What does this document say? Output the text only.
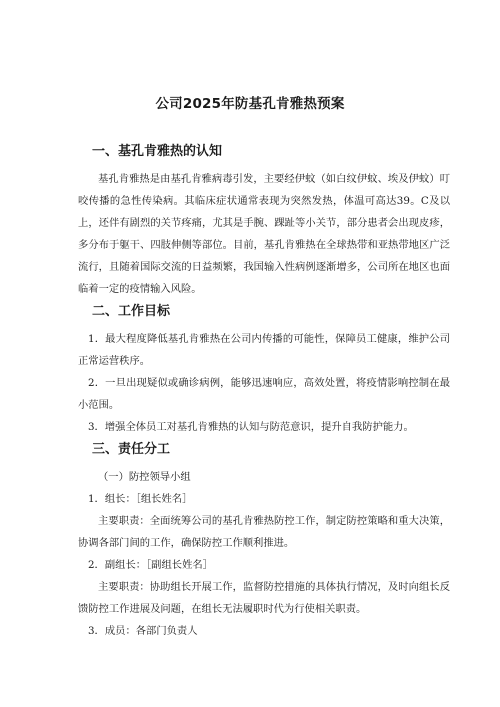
公司2025年防基孔肯雅热预案
一、基孔肯雅热的认知

基孔肯雅热是由基孔肯雅病毒引发，主要经伊蚊（如白纹伊蚊、埃及伊蚊）叮咬传播的急性传染病。其临床症状通常表现为突然发热，体温可高达39。C及以上，还伴有剧烈的关节疼痛，尤其是手腕、踝趾等小关节，部分患者会出现皮疹，多分布于躯干、四肢伸侧等部位。目前，基孔肯雅热在全球热带和亚热带地区广泛流行，且随着国际交流的日益频繁，我国输入性病例逐渐增多，公司所在地区也面临着一定的疫情输入风险。

二、工作目标

1．最大程度降低基孔肯雅热在公司内传播的可能性，保障员工健康，维护公司正常运营秩序。

2．一旦出现疑似或确诊病例，能够迅速响应，高效处置，将疫情影响控制在最小范围。

3．增强全体员工对基孔肯雅热的认知与防范意识，提升自我防护能力。

三、责任分工

（一）防控领导小组

1．组长：［组长姓名］

主要职责：全面统筹公司的基孔肯雅热防控工作，制定防控策略和重大决策，协调各部门间的工作，确保防控工作顺利推进。

2．副组长：［副组长姓名］

主要职责：协助组长开展工作，监督防控措施的具体执行情况，及时向组长反馈防控工作进展及问题，在组长无法履职时代为行使相关职责。

3．成员：各部门负责人
